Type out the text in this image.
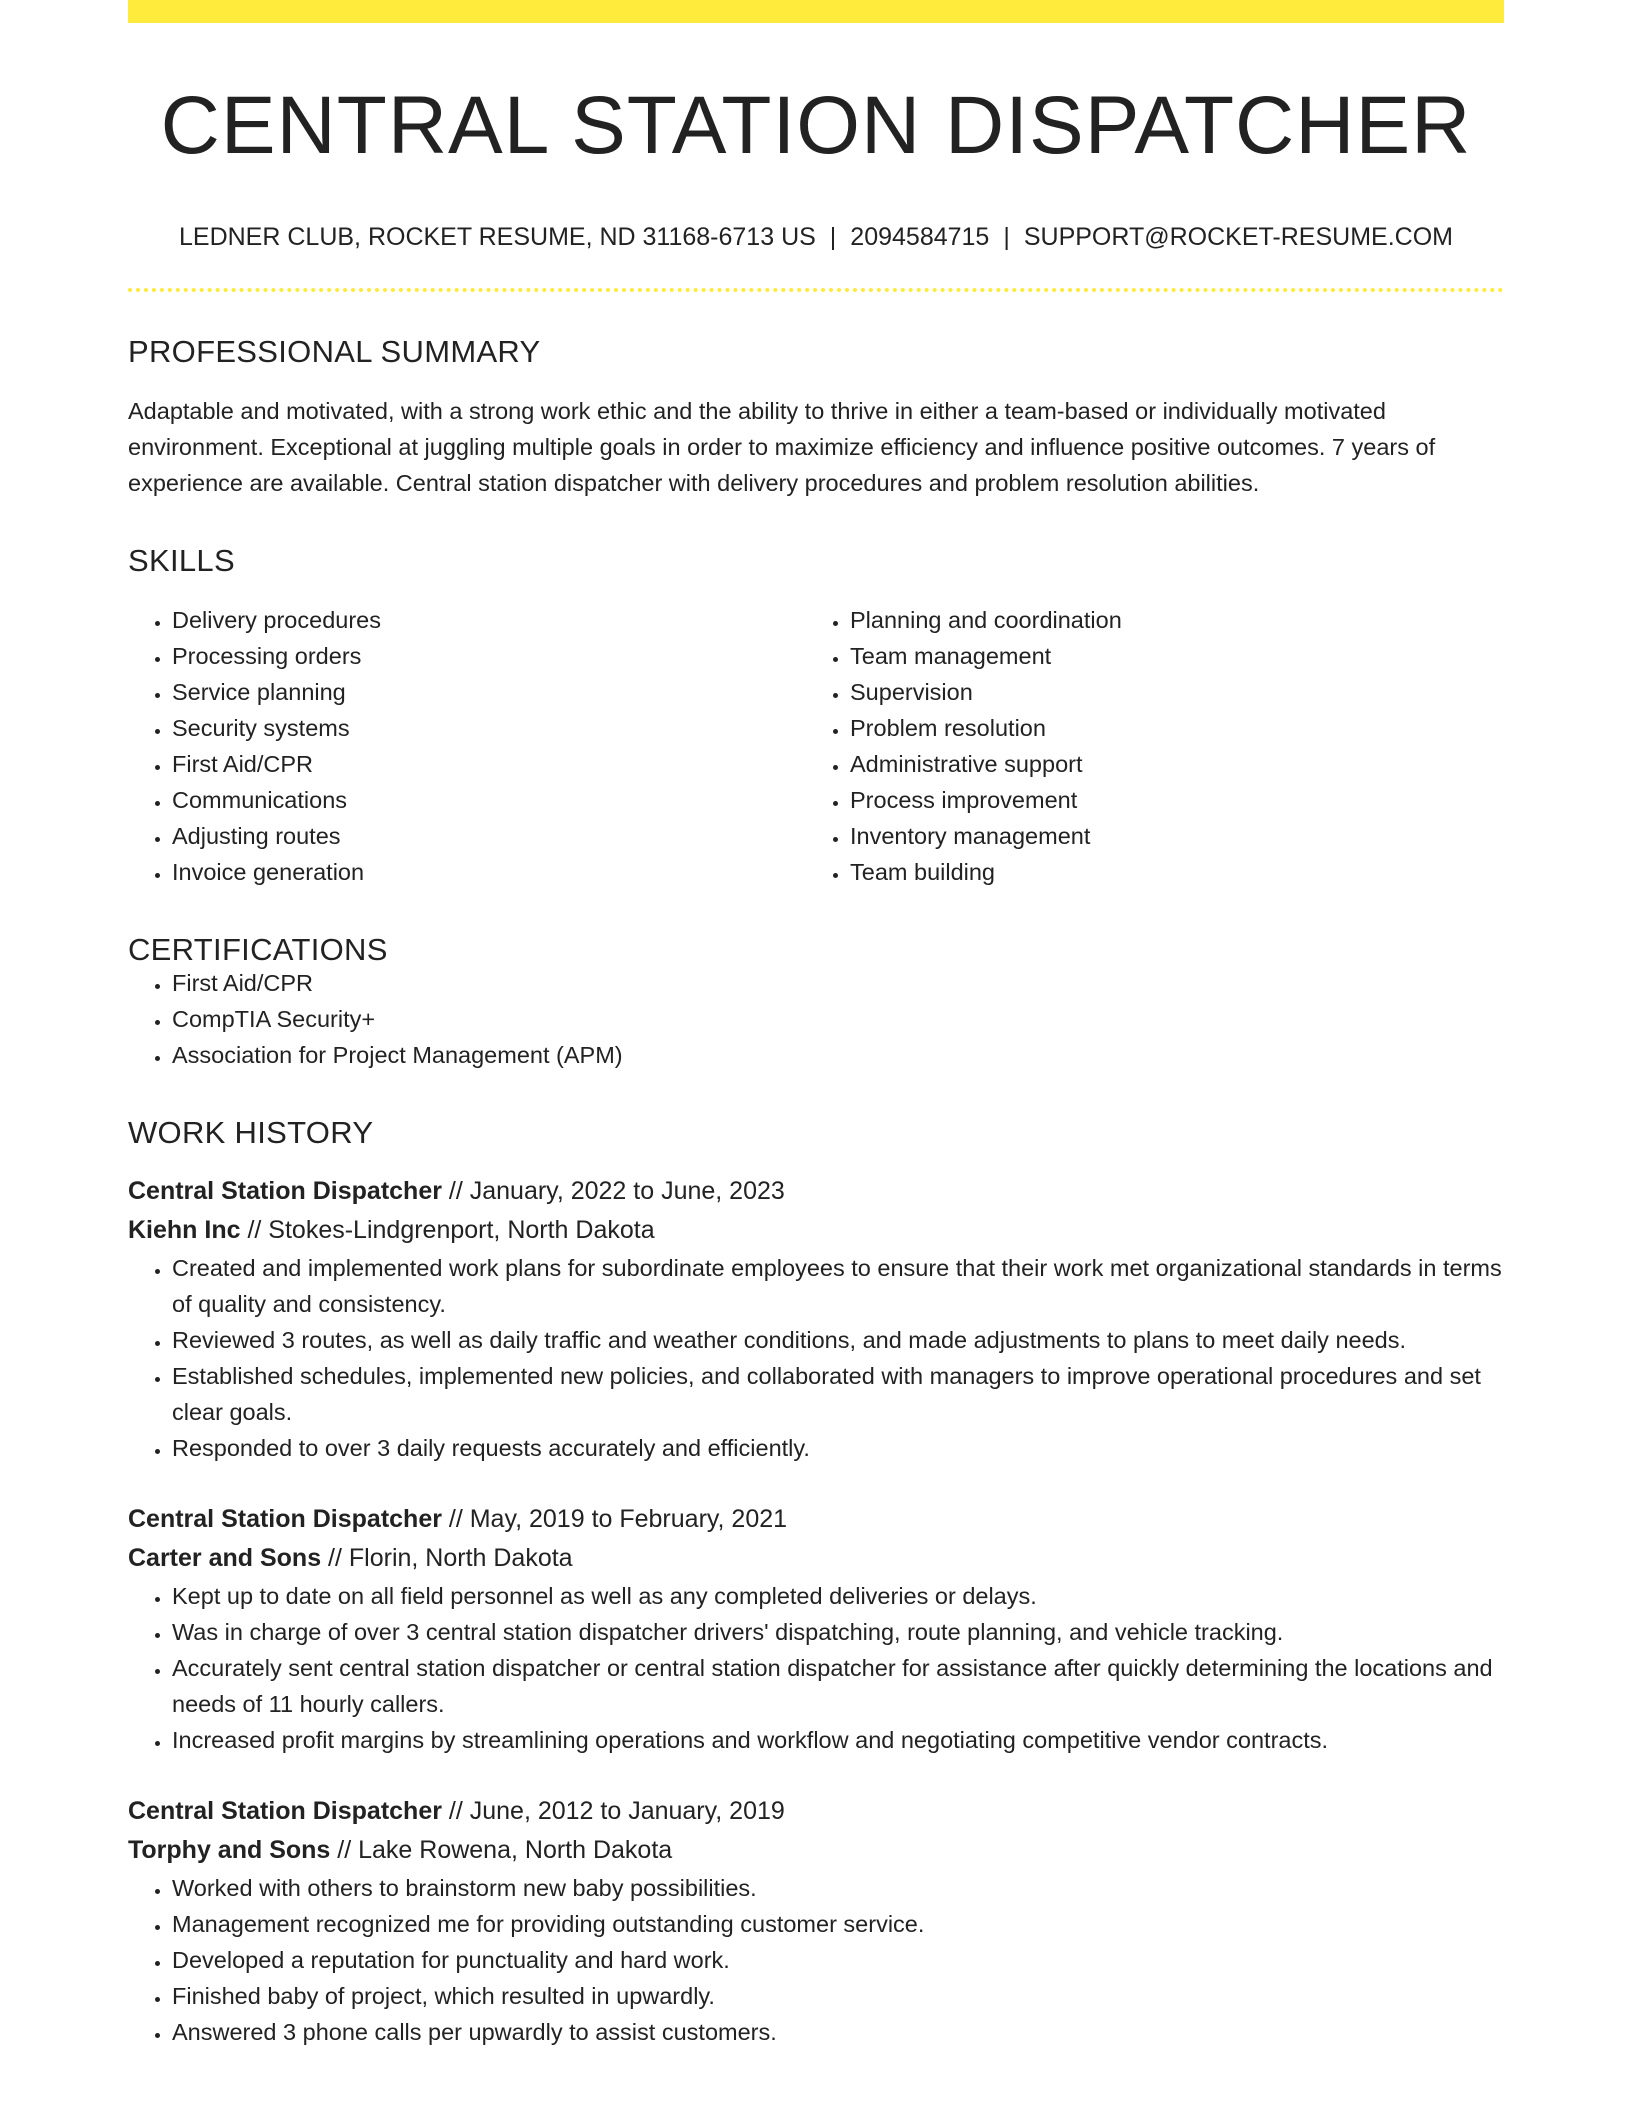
CENTRAL STATION DISPATCHER
LEDNER CLUB, ROCKET RESUME, ND 31168-6713 US | 2094584715 | SUPPORT@ROCKET-RESUME.COM
PROFESSIONAL SUMMARY

Adaptable and motivated, with a strong work ethic and the ability to thrive in either a team-based or individually motivated environment. Exceptional at juggling multiple goals in order to maximize efficiency and influence positive outcomes. 7 years of experience are available. Central station dispatcher with delivery procedures and problem resolution abilities.

SKILLS
• Delivery procedures
• Processing orders
• Service planning
• Security systems
• First Aid/CPR
• Communications
• Adjusting routes
• Invoice generation
• Planning and coordination
• Team management
• Supervision
• Problem resolution
• Administrative support
• Process improvement
• Inventory management
• Team building
CERTIFICATIONS
• First Aid/CPR
• CompTIA Security+
• Association for Project Management (APM)
WORK HISTORY
Central Station Dispatcher // January, 2022 to June, 2023
Kiehn Inc // Stokes-Lindgrenport, North Dakota
• Created and implemented work plans for subordinate employees to ensure that their work met organizational standards in terms of quality and consistency.
• Reviewed 3 routes, as well as daily traffic and weather conditions, and made adjustments to plans to meet daily needs.
• Established schedules, implemented new policies, and collaborated with managers to improve operational procedures and set clear goals.
• Responded to over 3 daily requests accurately and efficiently.
Central Station Dispatcher // May, 2019 to February, 2021
Carter and Sons // Florin, North Dakota
• Kept up to date on all field personnel as well as any completed deliveries or delays.
• Was in charge of over 3 central station dispatcher drivers' dispatching, route planning, and vehicle tracking.
• Accurately sent central station dispatcher or central station dispatcher for assistance after quickly determining the locations and needs of 11 hourly callers.
• Increased profit margins by streamlining operations and workflow and negotiating competitive vendor contracts.
Central Station Dispatcher // June, 2012 to January, 2019
Torphy and Sons // Lake Rowena, North Dakota
• Worked with others to brainstorm new baby possibilities.
• Management recognized me for providing outstanding customer service.
• Developed a reputation for punctuality and hard work.
• Finished baby of project, which resulted in upwardly.
• Answered 3 phone calls per upwardly to assist customers.
